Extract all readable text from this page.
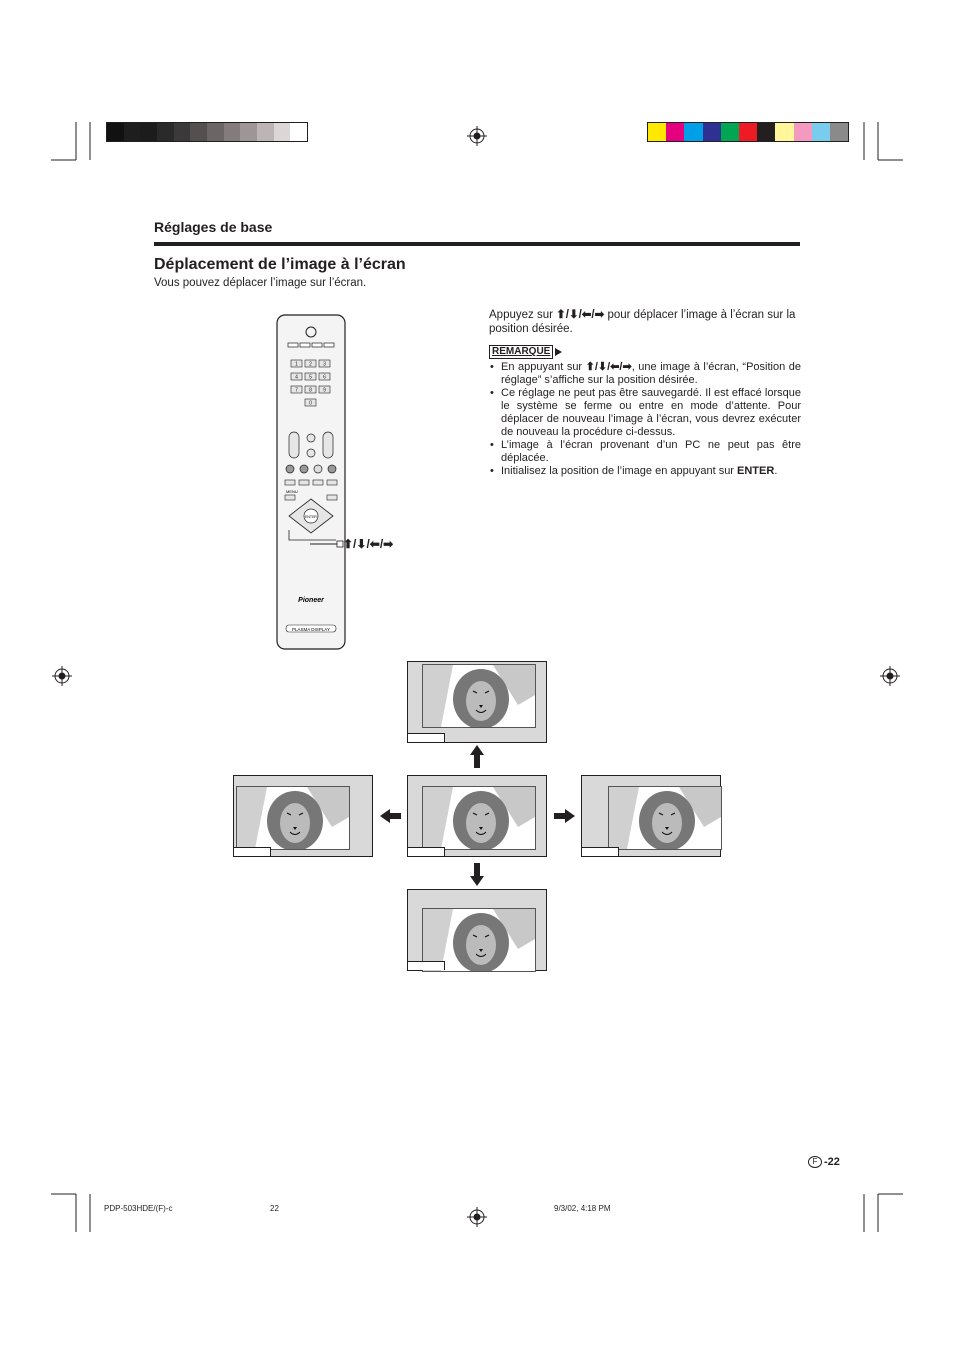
Réglages de base
Déplacement de l’image à l’écran
Vous pouvez déplacer l’image sur l’écran.
Appuyez sur ⬆/⬇/⬅/➡ pour déplacer l’image à l’écran sur la position désirée.
REMARQUE
• En appuyant sur ⬆/⬇/⬅/➡, une image à l’écran, “Position de réglage” s’affiche sur la position désirée.
• Ce réglage ne peut pas être sauvegardé. Il est effacé lorsque le système se ferme ou entre en mode d’attente. Pour déplacer de nouveau l’image à l’écran, vous devrez exécuter de nouveau la procédure ci-dessus.
• L’image à l’écran provenant d’un PC ne peut pas être déplacée.
• Initialisez la position de l’image en appuyant sur ENTER.
1 2 3
4 5 6
7 8 9
0
MENU
ENTER
Pioneer
PLASMA DISPLAY
⬆/⬇/⬅/➡
F -22
PDP-503HDE/(F)-c	22	9/3/02, 4:18 PM
